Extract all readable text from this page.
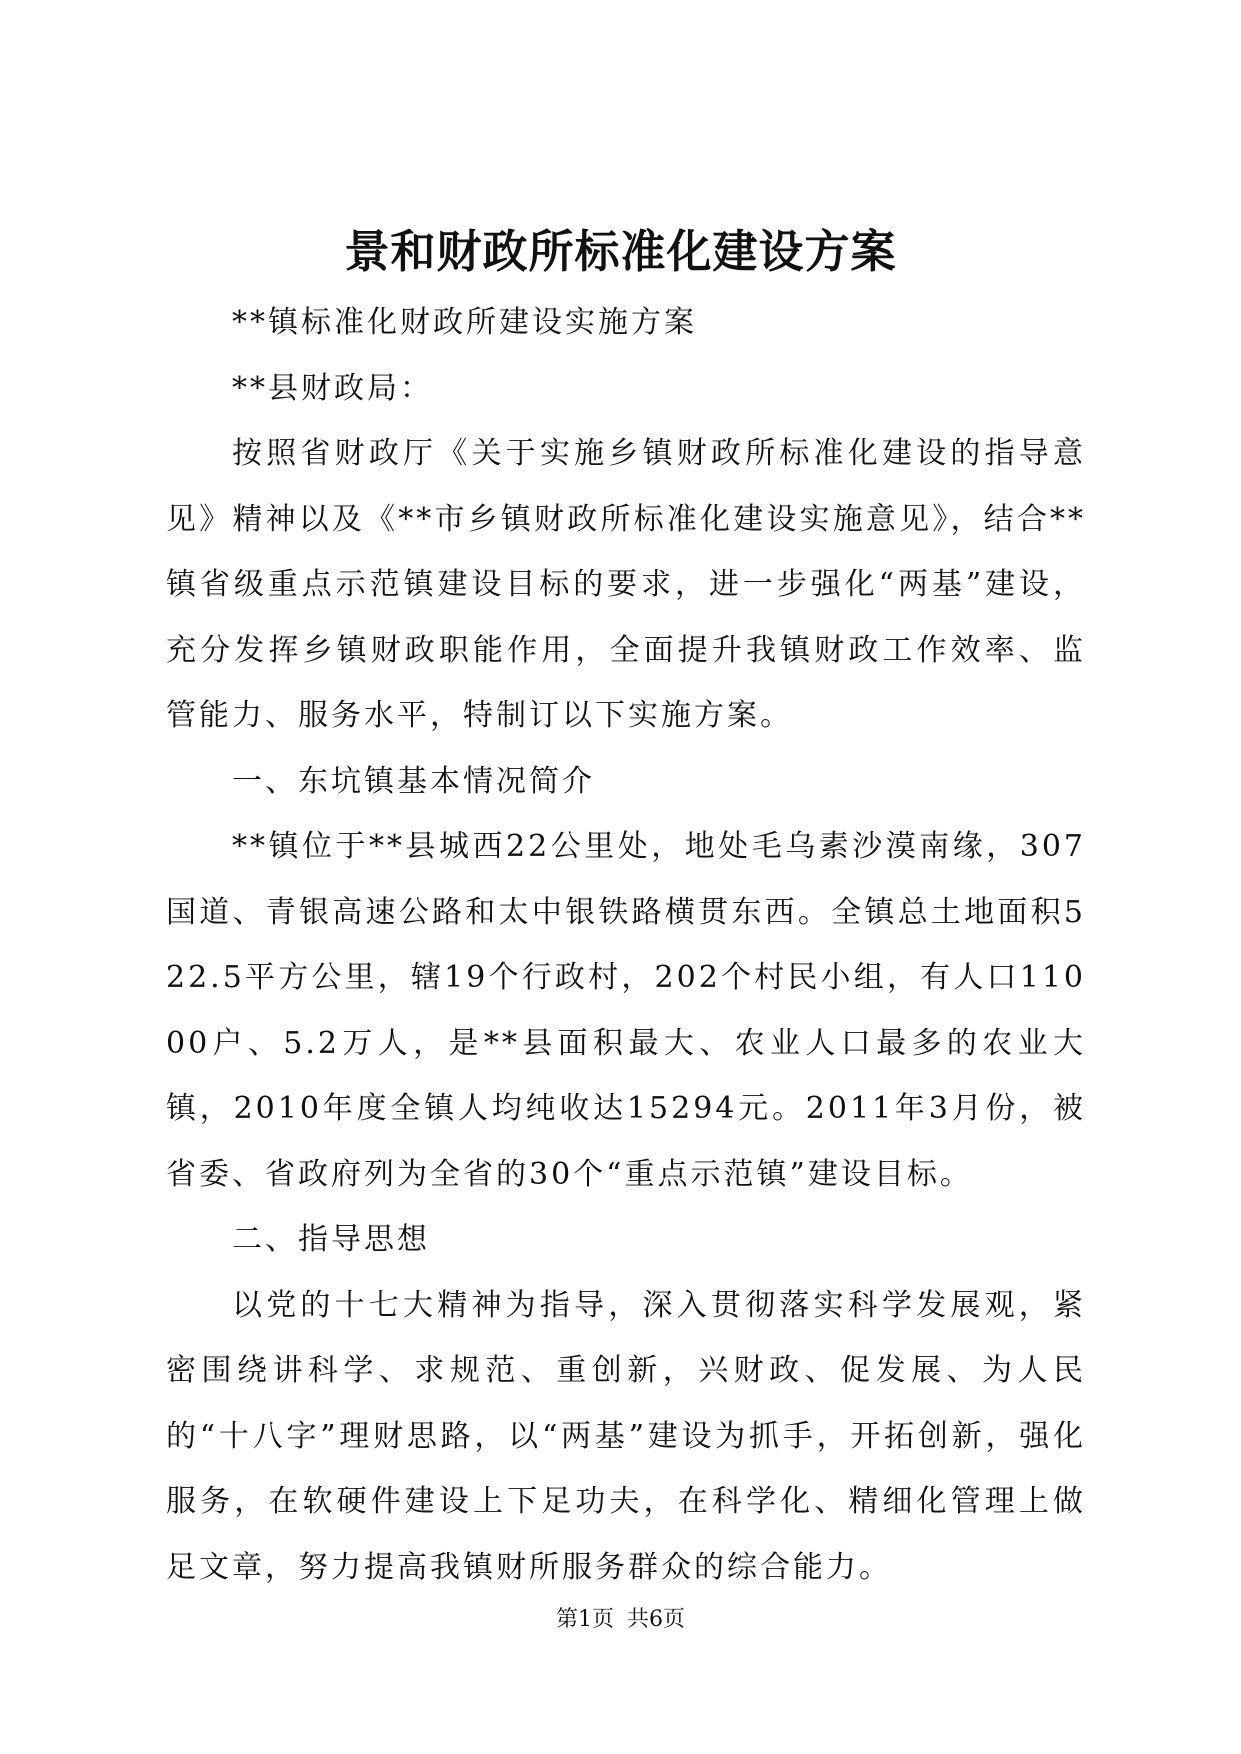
景和财政所标准化建设方案

**镇标准化财政所建设实施方案

**县财政局：

按照省财政厅《关于实施乡镇财政所标准化建设的指导意见》精神以及《**市乡镇财政所标准化建设实施意见》，结合**镇省级重点示范镇建设目标的要求，进一步强化“两基”建设，充分发挥乡镇财政职能作用，全面提升我镇财政工作效率、监管能力、服务水平，特制订以下实施方案。

一、东坑镇基本情况简介

**镇位于**县城西22公里处，地处毛乌素沙漠南缘，307国道、青银高速公路和太中银铁路横贯东西。全镇总土地面积522.5平方公里，辖19个行政村，202个村民小组，有人口11000户、5.2万人，是**县面积最大、农业人口最多的农业大镇，2010年度全镇人均纯收达15294元。2011年3月份，被省委、省政府列为全省的30个“重点示范镇”建设目标。

二、指导思想

以党的十七大精神为指导，深入贯彻落实科学发展观，紧密围绕讲科学、求规范、重创新，兴财政、促发展、为人民的“十八字”理财思路，以“两基”建设为抓手，开拓创新，强化服务，在软硬件建设上下足功夫，在科学化、精细化管理上做足文章，努力提高我镇财所服务群众的综合能力。

第1页 共6页
